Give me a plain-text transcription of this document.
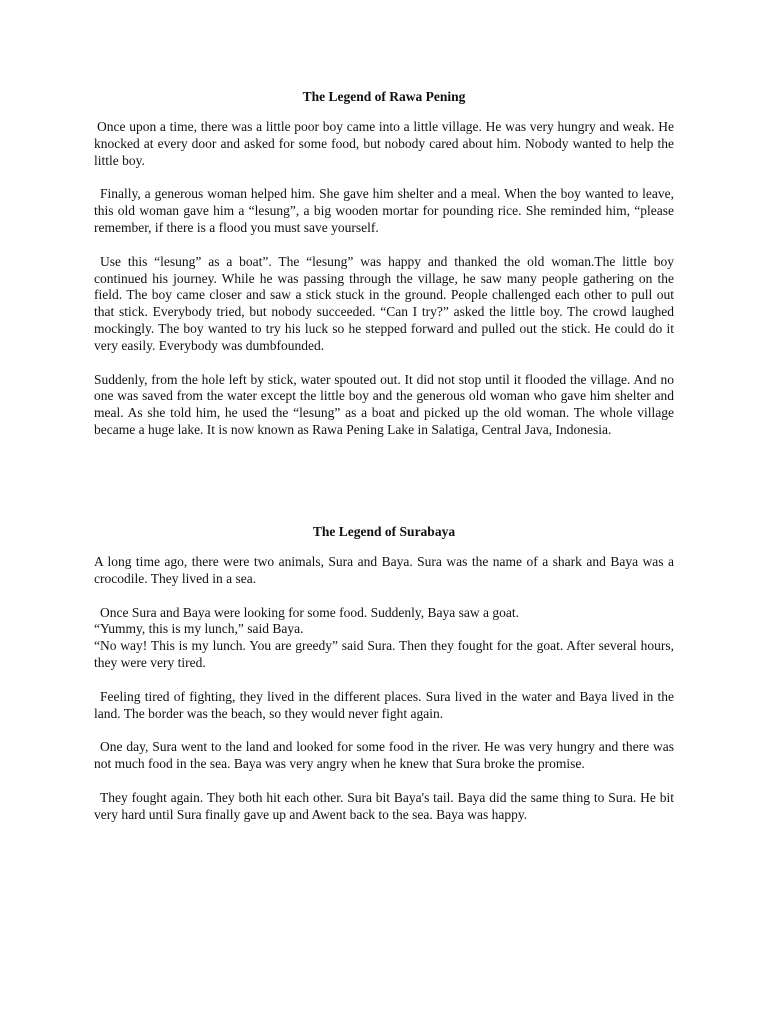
The Legend of Rawa Pening

Once upon a time, there was a little poor boy came into a little village. He was very hungry and weak. He knocked at every door and asked for some food, but nobody cared about him. Nobody wanted to help the little boy.

Finally, a generous woman helped him. She gave him shelter and a meal. When the boy wanted to leave, this old woman gave him a “lesung”, a big wooden mortar for pounding rice. She reminded him, “please remember, if there is a flood you must save yourself.

Use this “lesung” as a boat”. The “lesung” was happy and thanked the old woman.The little boy continued his journey. While he was passing through the village, he saw many people gathering on the field. The boy came closer and saw a stick stuck in the ground. People challenged each other to pull out that stick. Everybody tried, but nobody succeeded. “Can I try?” asked the little boy. The crowd laughed mockingly. The boy wanted to try his luck so he stepped forward and pulled out the stick. He could do it very easily. Everybody was dumbfounded.

Suddenly, from the hole left by stick, water spouted out. It did not stop until it flooded the village. And no one was saved from the water except the little boy and the generous old woman who gave him shelter and meal. As she told him, he used the “lesung” as a boat and picked up the old woman. The whole village became a huge lake. It is now known as Rawa Pening Lake in Salatiga, Central Java, Indonesia.

The Legend of Surabaya

A long time ago, there were two animals, Sura and Baya. Sura was the name of a shark and Baya was a crocodile. They lived in a sea.

Once Sura and Baya were looking for some food. Suddenly, Baya saw a goat.
“Yummy, this is my lunch,” said Baya.
“No way! This is my lunch. You are greedy” said Sura. Then they fought for the goat. After several hours, they were very tired.

Feeling tired of fighting, they lived in the different places. Sura lived in the water and Baya lived in the land. The border was the beach, so they would never fight again.

One day, Sura went to the land and looked for some food in the river. He was very hungry and there was not much food in the sea. Baya was very angry when he knew that Sura broke the promise.

They fought again. They both hit each other. Sura bit Baya's tail. Baya did the same thing to Sura. He bit very hard until Sura finally gave up and Awent back to the sea. Baya was happy.
